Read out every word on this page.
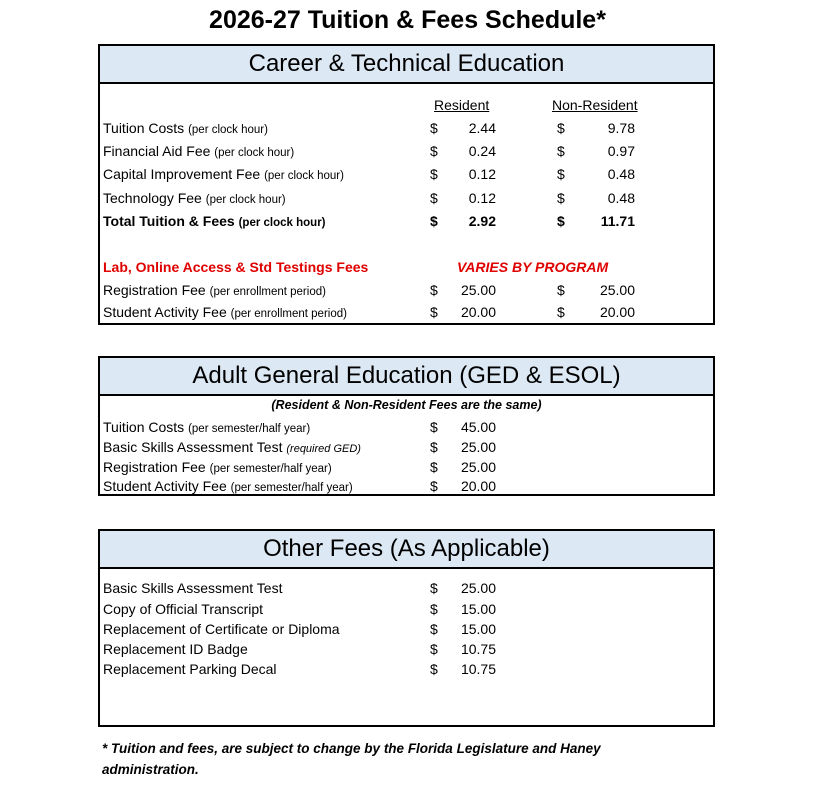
2026-27 Tuition & Fees Schedule*
Career & Technical Education
Resident	Non-Resident
Tuition Costs (per clock hour)	$	2.44	$	9.78
Financial Aid Fee (per clock hour)	$	0.24	$	0.97
Capital Improvement Fee (per clock hour)	$	0.12	$	0.48
Technology Fee (per clock hour)	$	0.12	$	0.48
Total Tuition & Fees (per clock hour)	$	2.92	$	11.71
Lab, Online Access & Std Testings Fees	VARIES BY PROGRAM
Registration Fee (per enrollment period)	$	25.00	$	25.00
Student Activity Fee (per enrollment period)	$	20.00	$	20.00
Adult General Education (GED & ESOL)
(Resident & Non-Resident Fees are the same)
Tuition Costs (per semester/half year)	$	45.00
Basic Skills Assessment Test (required GED)	$	25.00
Registration Fee (per semester/half year)	$	25.00
Student Activity Fee (per semester/half year)	$	20.00
Other Fees (As Applicable)
Basic Skills Assessment Test	$	25.00
Copy of Official Transcript	$	15.00
Replacement of Certificate or Diploma	$	15.00
Replacement ID Badge	$	10.75
Replacement Parking Decal	$	10.75
* Tuition and fees, are subject to change by the Florida Legislature and Haney administration.
